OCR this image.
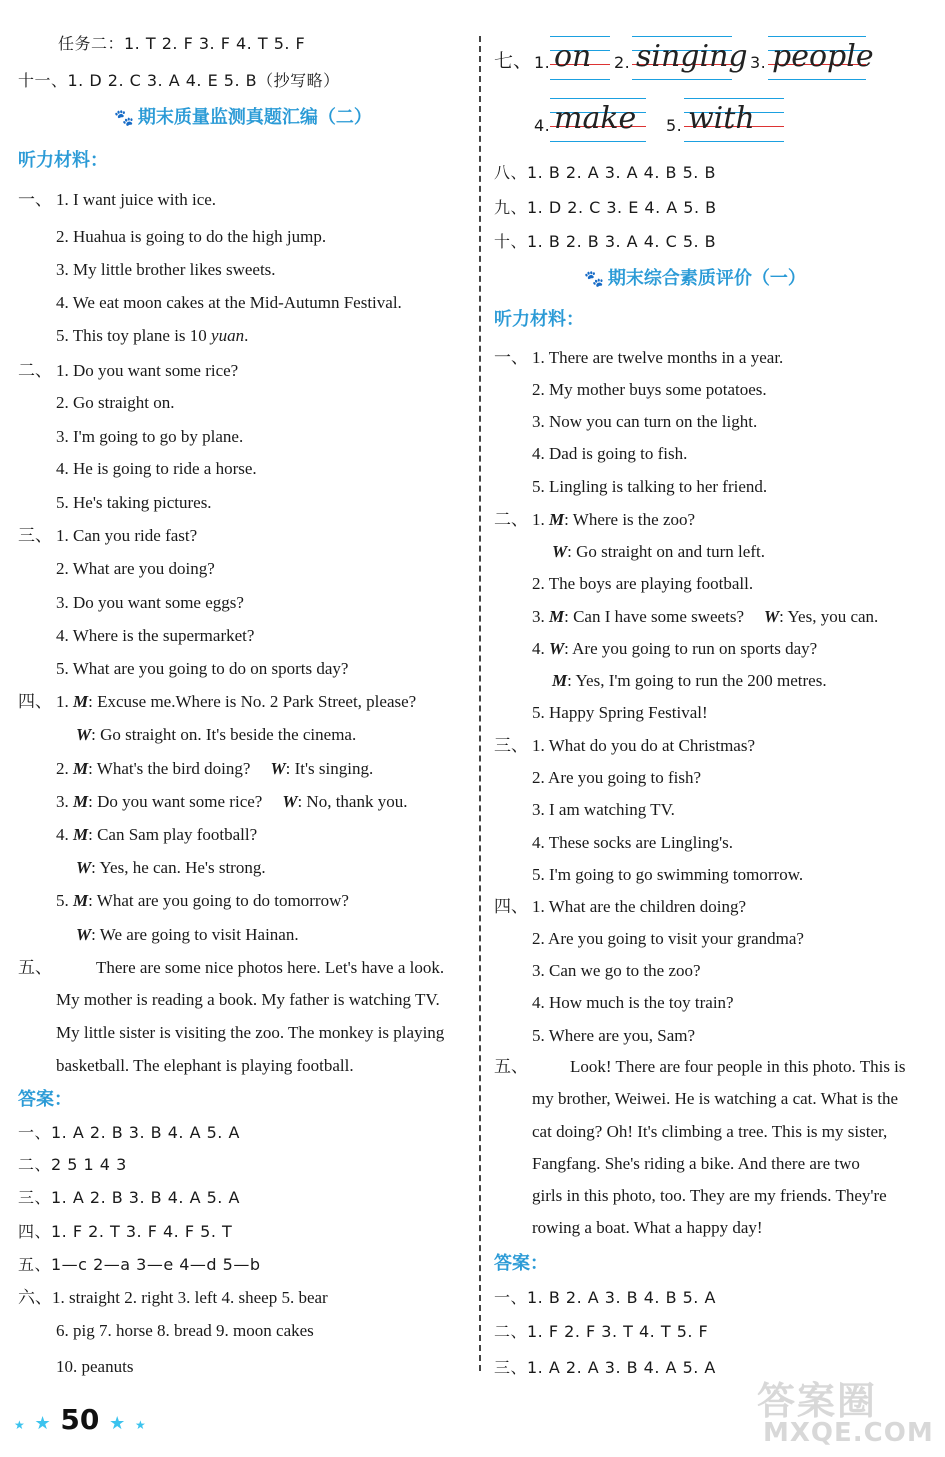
任务二：1. T 2. F 3. F 4. T 5. F
十一、1. D 2. C 3. A 4. E 5. B（抄写略）
🐾 期末质量监测真题汇编（二）
听力材料：
一、 1. I want juice with ice.
2. Huahua is going to do the high jump.
3. My little brother likes sweets.
4. We eat moon cakes at the Mid-Autumn Festival.
5. This toy plane is 10 yuan.
二、 1. Do you want some rice?
2. Go straight on.
3. I'm going to go by plane.
4. He is going to ride a horse.
5. He's taking pictures.
三、 1. Can you ride fast?
2. What are you doing?
3. Do you want some eggs?
4. Where is the supermarket?
5. What are you going to do on sports day?
四、 1. M: Excuse me.Where is No. 2 Park Street, please?
W: Go straight on. It's beside the cinema.
2. M: What's the bird doing? W: It's singing.
3. M: Do you want some rice? W: No, thank you.
4. M: Can Sam play football?
W: Yes, he can. He's strong.
5. M: What are you going to do tomorrow?
W: We are going to visit Hainan.
五、	There are some nice photos here. Let's have a look.
My mother is reading a book. My father is watching TV.
My little sister is visiting the zoo. The monkey is playing
basketball. The elephant is playing football.
答案：
一、1. A 2. B 3. B 4. A 5. A
二、2 5 1 4 3
三、1. A 2. B 3. B 4. A 5. A
四、1. F 2. T 3. F 4. F 5. T
五、1—c 2—a 3—e 4—d 5—b
六、1. straight 2. right 3. left 4. sheep 5. bear
6. pig 7. horse 8. bread 9. moon cakes
10. peanuts
七、 1. on 2. singing 3. people
4. make 5. with
八、1. B 2. A 3. A 4. B 5. B
九、1. D 2. C 3. E 4. A 5. B
十、1. B 2. B 3. A 4. C 5. B
🐾 期末综合素质评价（一）
听力材料：
一、 1. There are twelve months in a year.
2. My mother buys some potatoes.
3. Now you can turn on the light.
4. Dad is going to fish.
5. Lingling is talking to her friend.
二、 1. M: Where is the zoo?
W: Go straight on and turn left.
2. The boys are playing football.
3. M: Can I have some sweets? W: Yes, you can.
4. W: Are you going to run on sports day?
M: Yes, I'm going to run the 200 metres.
5. Happy Spring Festival!
三、 1. What do you do at Christmas?
2. Are you going to fish?
3. I am watching TV.
4. These socks are Lingling's.
5. I'm going to go swimming tomorrow.
四、 1. What are the children doing?
2. Are you going to visit your grandma?
3. Can we go to the zoo?
4. How much is the toy train?
5. Where are you, Sam?
五、 Look! There are four people in this photo. This is
my brother, Weiwei. He is watching a cat. What is the
cat doing? Oh! It's climbing a tree. This is my sister,
Fangfang. She's riding a bike. And there are two
girls in this photo, too. They are my friends. They're
rowing a boat. What a happy day!
答案：
一、1. B 2. A 3. B 4. B 5. A
二、1. F 2. F 3. T 4. T 5. F
三、1. A 2. A 3. B 4. A 5. A
★ ★ 50 ★ ★
答案圈
MXQE.COM
